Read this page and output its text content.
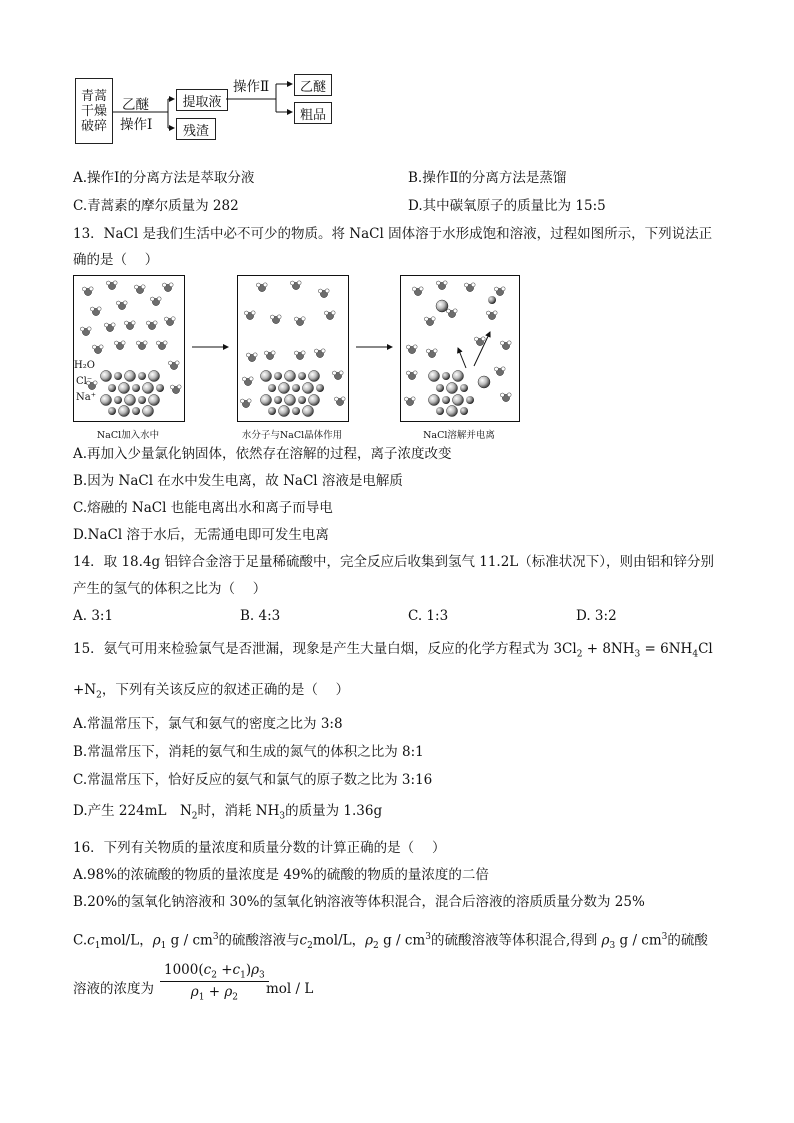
青蒿干燥破碎
乙醚
操作Ⅰ
提取液
残渣
操作Ⅱ 乙醚
粗品
A.操作Ⅰ的分离方法是萃取分液	B.操作Ⅱ的分离方法是蒸馏
C.青蒿素的摩尔质量为 282	D.其中碳氧原子的质量比为 15:5
13．NaCl 是我们生活中必不可少的物质。将 NaCl 固体溶于水形成饱和溶液，过程如图所示，下列说法正
确的是（　 ）
H₂O
Cl⁻
Na⁺
NaCl加入水中	水分子与NaCl晶体作用	NaCl溶解并电离
A.再加入少量氯化钠固体，依然存在溶解的过程，离子浓度改变
B.因为 NaCl 在水中发生电离，故 NaCl 溶液是电解质
C.熔融的 NaCl 也能电离出水和离子而导电
D.NaCl 溶于水后，无需通电即可发生电离
14．取 18.4g 铝锌合金溶于足量稀硫酸中，完全反应后收集到氢气 11.2L（标准状况下），则由铝和锌分别
产生的氢气的体积之比为（　 ）
A. 3:1	B. 4:3	C. 1:3	D. 3:2
15．氨气可用来检验氯气是否泄漏，现象是产生大量白烟，反应的化学方程式为 $3Cl_2 + 8NH_3 = 6NH_4Cl$
$+N_2$，下列有关该反应的叙述正确的是（　 ）
A.常温常压下，氯气和氨气的密度之比为 3:8
B.常温常压下，消耗的氨气和生成的氮气的体积之比为 8:1
C.常温常压下，恰好反应的氨气和氯气的原子数之比为 3:16
D.产生 224mL　$N_2$时，消耗 $NH_3$的质量为 1.36g
16．下列有关物质的量浓度和质量分数的计算正确的是（　 ）
A.98%的浓硫酸的物质的量浓度是 49%的硫酸的物质的量浓度的二倍
B.20%的氢氧化钠溶液和 30%的氢氧化钠溶液等体积混合，混合后溶液的溶质质量分数为 25%
$C.c_1mol/L$，$\rho_1$ g / $cm^3$的硫酸溶液与$c_2mol/L$，$\rho_2$ g / $cm^3$的硫酸溶液等体积混合,得到 $\rho_3$ g / $cm^3$的硫酸
溶液的浓度为
$1000(c_2 +c_1)\rho_3$
$\rho_1 + \rho_2$
mol / L
